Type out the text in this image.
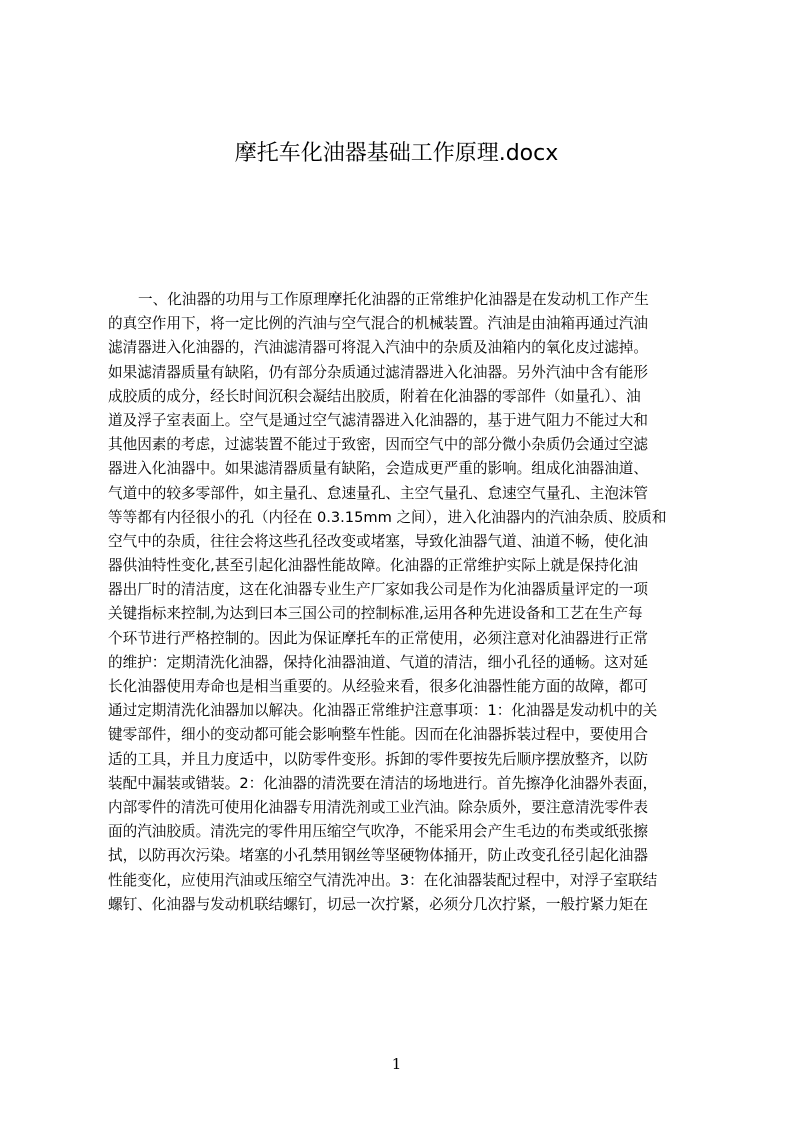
摩托车化油器基础工作原理.docx
一、化油器的功用与工作原理摩托化油器的正常维护化油器是在发动机工作产生
的真空作用下，将一定比例的汽油与空气混合的机械装置。汽油是由油箱再通过汽油
滤清器进入化油器的，汽油滤清器可将混入汽油中的杂质及油箱内的氧化皮过滤掉。
如果滤清器质量有缺陷，仍有部分杂质通过滤清器进入化油器。另外汽油中含有能形
成胶质的成分，经长时间沉积会凝结出胶质，附着在化油器的零部件（如量孔）、油
道及浮子室表面上。空气是通过空气滤清器进入化油器的，基于进气阻力不能过大和
其他因素的考虑，过滤装置不能过于致密，因而空气中的部分微小杂质仍会通过空滤
器进入化油器中。如果滤清器质量有缺陷，会造成更严重的影响。组成化油器油道、
气道中的较多零部件，如主量孔、怠速量孔、主空气量孔、怠速空气量孔、主泡沫管
等等都有内径很小的孔（内径在 0.3.15mm 之间），进入化油器内的汽油杂质、胶质和
空气中的杂质，往往会将这些孔径改变或堵塞，导致化油器气道、油道不畅，使化油
器供油特性变化,甚至引起化油器性能故障。化油器的正常维护实际上就是保持化油
器出厂时的清洁度，这在化油器专业生产厂家如我公司是作为化油器质量评定的一项
关键指标来控制,为达到曰本三国公司的控制标准,运用各种先进设备和工艺在生产每
个环节进行严格控制的。因此为保证摩托车的正常使用，必须注意对化油器进行正常
的维护：定期清洗化油器，保持化油器油道、气道的清洁，细小孔径的通畅。这对延
长化油器使用寿命也是相当重要的。从经验来看，很多化油器性能方面的故障，都可
通过定期清洗化油器加以解决。化油器正常维护注意事项：1：化油器是发动机中的关
键零部件，细小的变动都可能会影响整车性能。因而在化油器拆装过程中，要使用合
适的工具，并且力度适中，以防零件变形。拆卸的零件要按先后顺序摆放整齐，以防
装配中漏装或错装。2：化油器的清洗要在清洁的场地进行。首先擦净化油器外表面，
内部零件的清洗可使用化油器专用清洗剂或工业汽油。除杂质外，要注意清洗零件表
面的汽油胶质。清洗完的零件用压缩空气吹净，不能采用会产生毛边的布类或纸张擦
拭，以防再次污染。堵塞的小孔禁用钢丝等坚硬物体捅开，防止改变孔径引起化油器
性能变化，应使用汽油或压缩空气清洗冲出。3：在化油器装配过程中，对浮子室联结
螺钉、化油器与发动机联结螺钉，切忌一次拧紧，必须分几次拧紧，一般拧紧力矩在
1
